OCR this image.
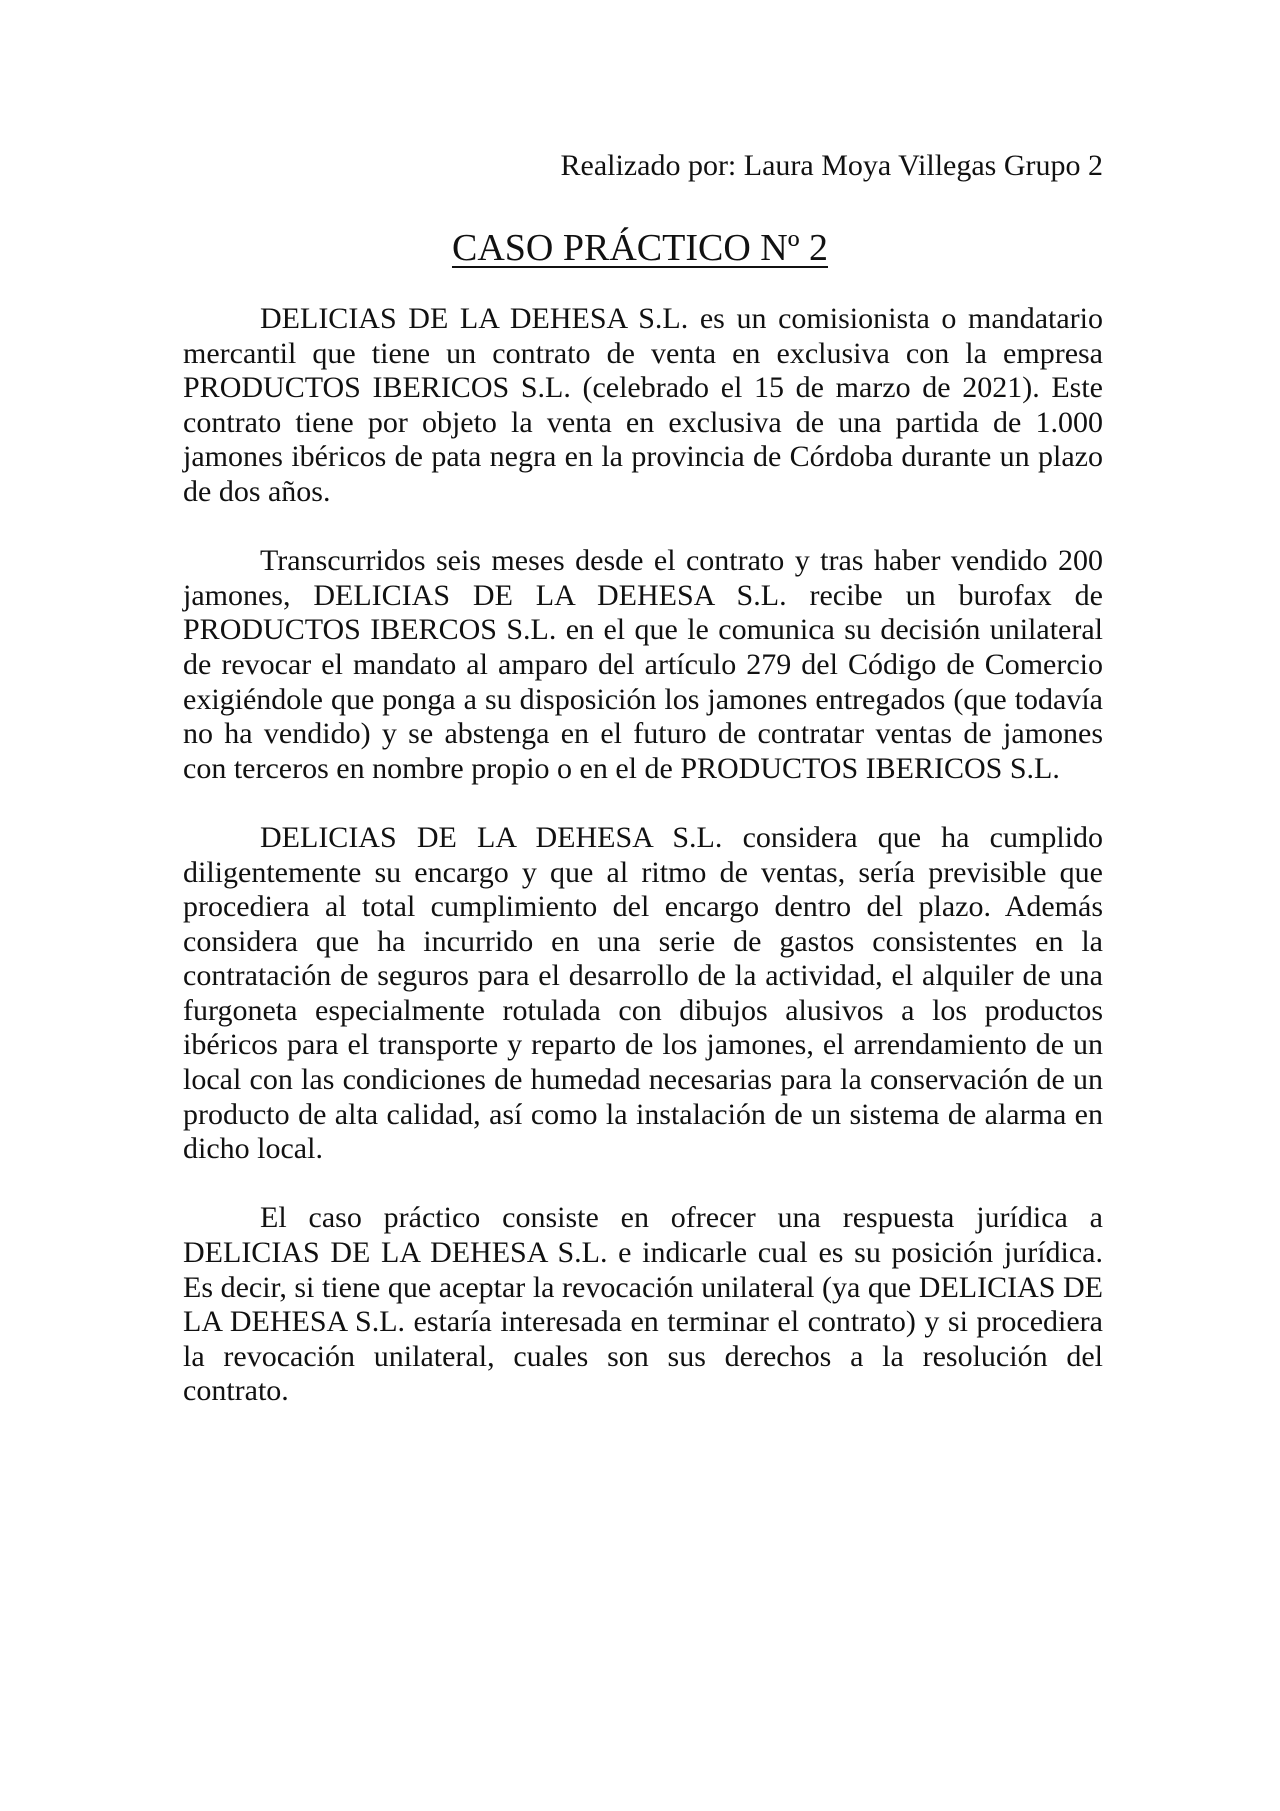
Realizado por: Laura Moya Villegas Grupo 2
CASO PRÁCTICO Nº 2

DELICIAS DE LA DEHESA S.L. es un comisionista o mandatario mercantil que tiene un contrato de venta en exclusiva con la empresa PRODUCTOS IBERICOS S.L. (celebrado el 15 de marzo de 2021). Este contrato tiene por objeto la venta en exclusiva de una partida de 1.000 jamones ibéricos de pata negra en la provincia de Córdoba durante un plazo de dos años.

Transcurridos seis meses desde el contrato y tras haber vendido 200 jamones, DELICIAS DE LA DEHESA S.L. recibe un burofax de PRODUCTOS IBERCOS S.L. en el que le comunica su decisión unilateral de revocar el mandato al amparo del artículo 279 del Código de Comercio exigiéndole que ponga a su disposición los jamones entregados (que todavía no ha vendido) y se abstenga en el futuro de contratar ventas de jamones con terceros en nombre propio o en el de PRODUCTOS IBERICOS S.L.

DELICIAS DE LA DEHESA S.L. considera que ha cumplido diligentemente su encargo y que al ritmo de ventas, sería previsible que procediera al total cumplimiento del encargo dentro del plazo. Además considera que ha incurrido en una serie de gastos consistentes en la contratación de seguros para el desarrollo de la actividad, el alquiler de una furgoneta especialmente rotulada con dibujos alusivos a los productos ibéricos para el transporte y reparto de los jamones, el arrendamiento de un local con las condiciones de humedad necesarias para la conservación de un producto de alta calidad, así como la instalación de un sistema de alarma en dicho local.

El caso práctico consiste en ofrecer una respuesta jurídica a DELICIAS DE LA DEHESA S.L. e indicarle cual es su posición jurídica. Es decir, si tiene que aceptar la revocación unilateral (ya que DELICIAS DE LA DEHESA S.L. estaría interesada en terminar el contrato) y si procediera la revocación unilateral, cuales son sus derechos a la resolución del contrato.
